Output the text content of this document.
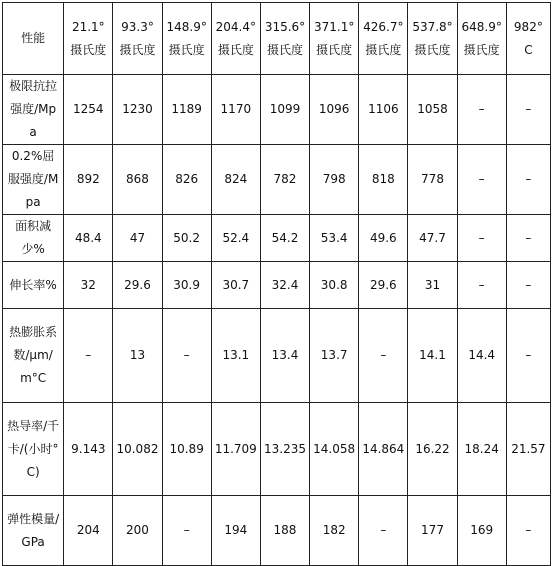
性能	21.1°摄氏度	93.3°摄氏度	148.9°摄氏度	204.4°摄氏度	315.6°摄氏度	371.1°摄氏度	426.7°摄氏度	537.8°摄氏度	648.9°摄氏度	982°C
极限抗拉强度/Mpa	1254	1230	1189	1170	1099	1096	1106	1058	–	–
0.2%屈服强度/Mpa	892	868	826	824	782	798	818	778	–	–
面积减少%	48.4	47	50.2	52.4	54.2	53.4	49.6	47.7	–	–
伸长率%	32	29.6	30.9	30.7	32.4	30.8	29.6	31	–	–
热膨胀系数/μm/m°C	–	13	–	13.1	13.4	13.7	–	14.1	14.4	–
热导率/千卡/(小时°C)	9.143	10.082	10.89	11.709	13.235	14.058	14.864	16.22	18.24	21.57
弹性模量/GPa	204	200	–	194	188	182	–	177	169	–
